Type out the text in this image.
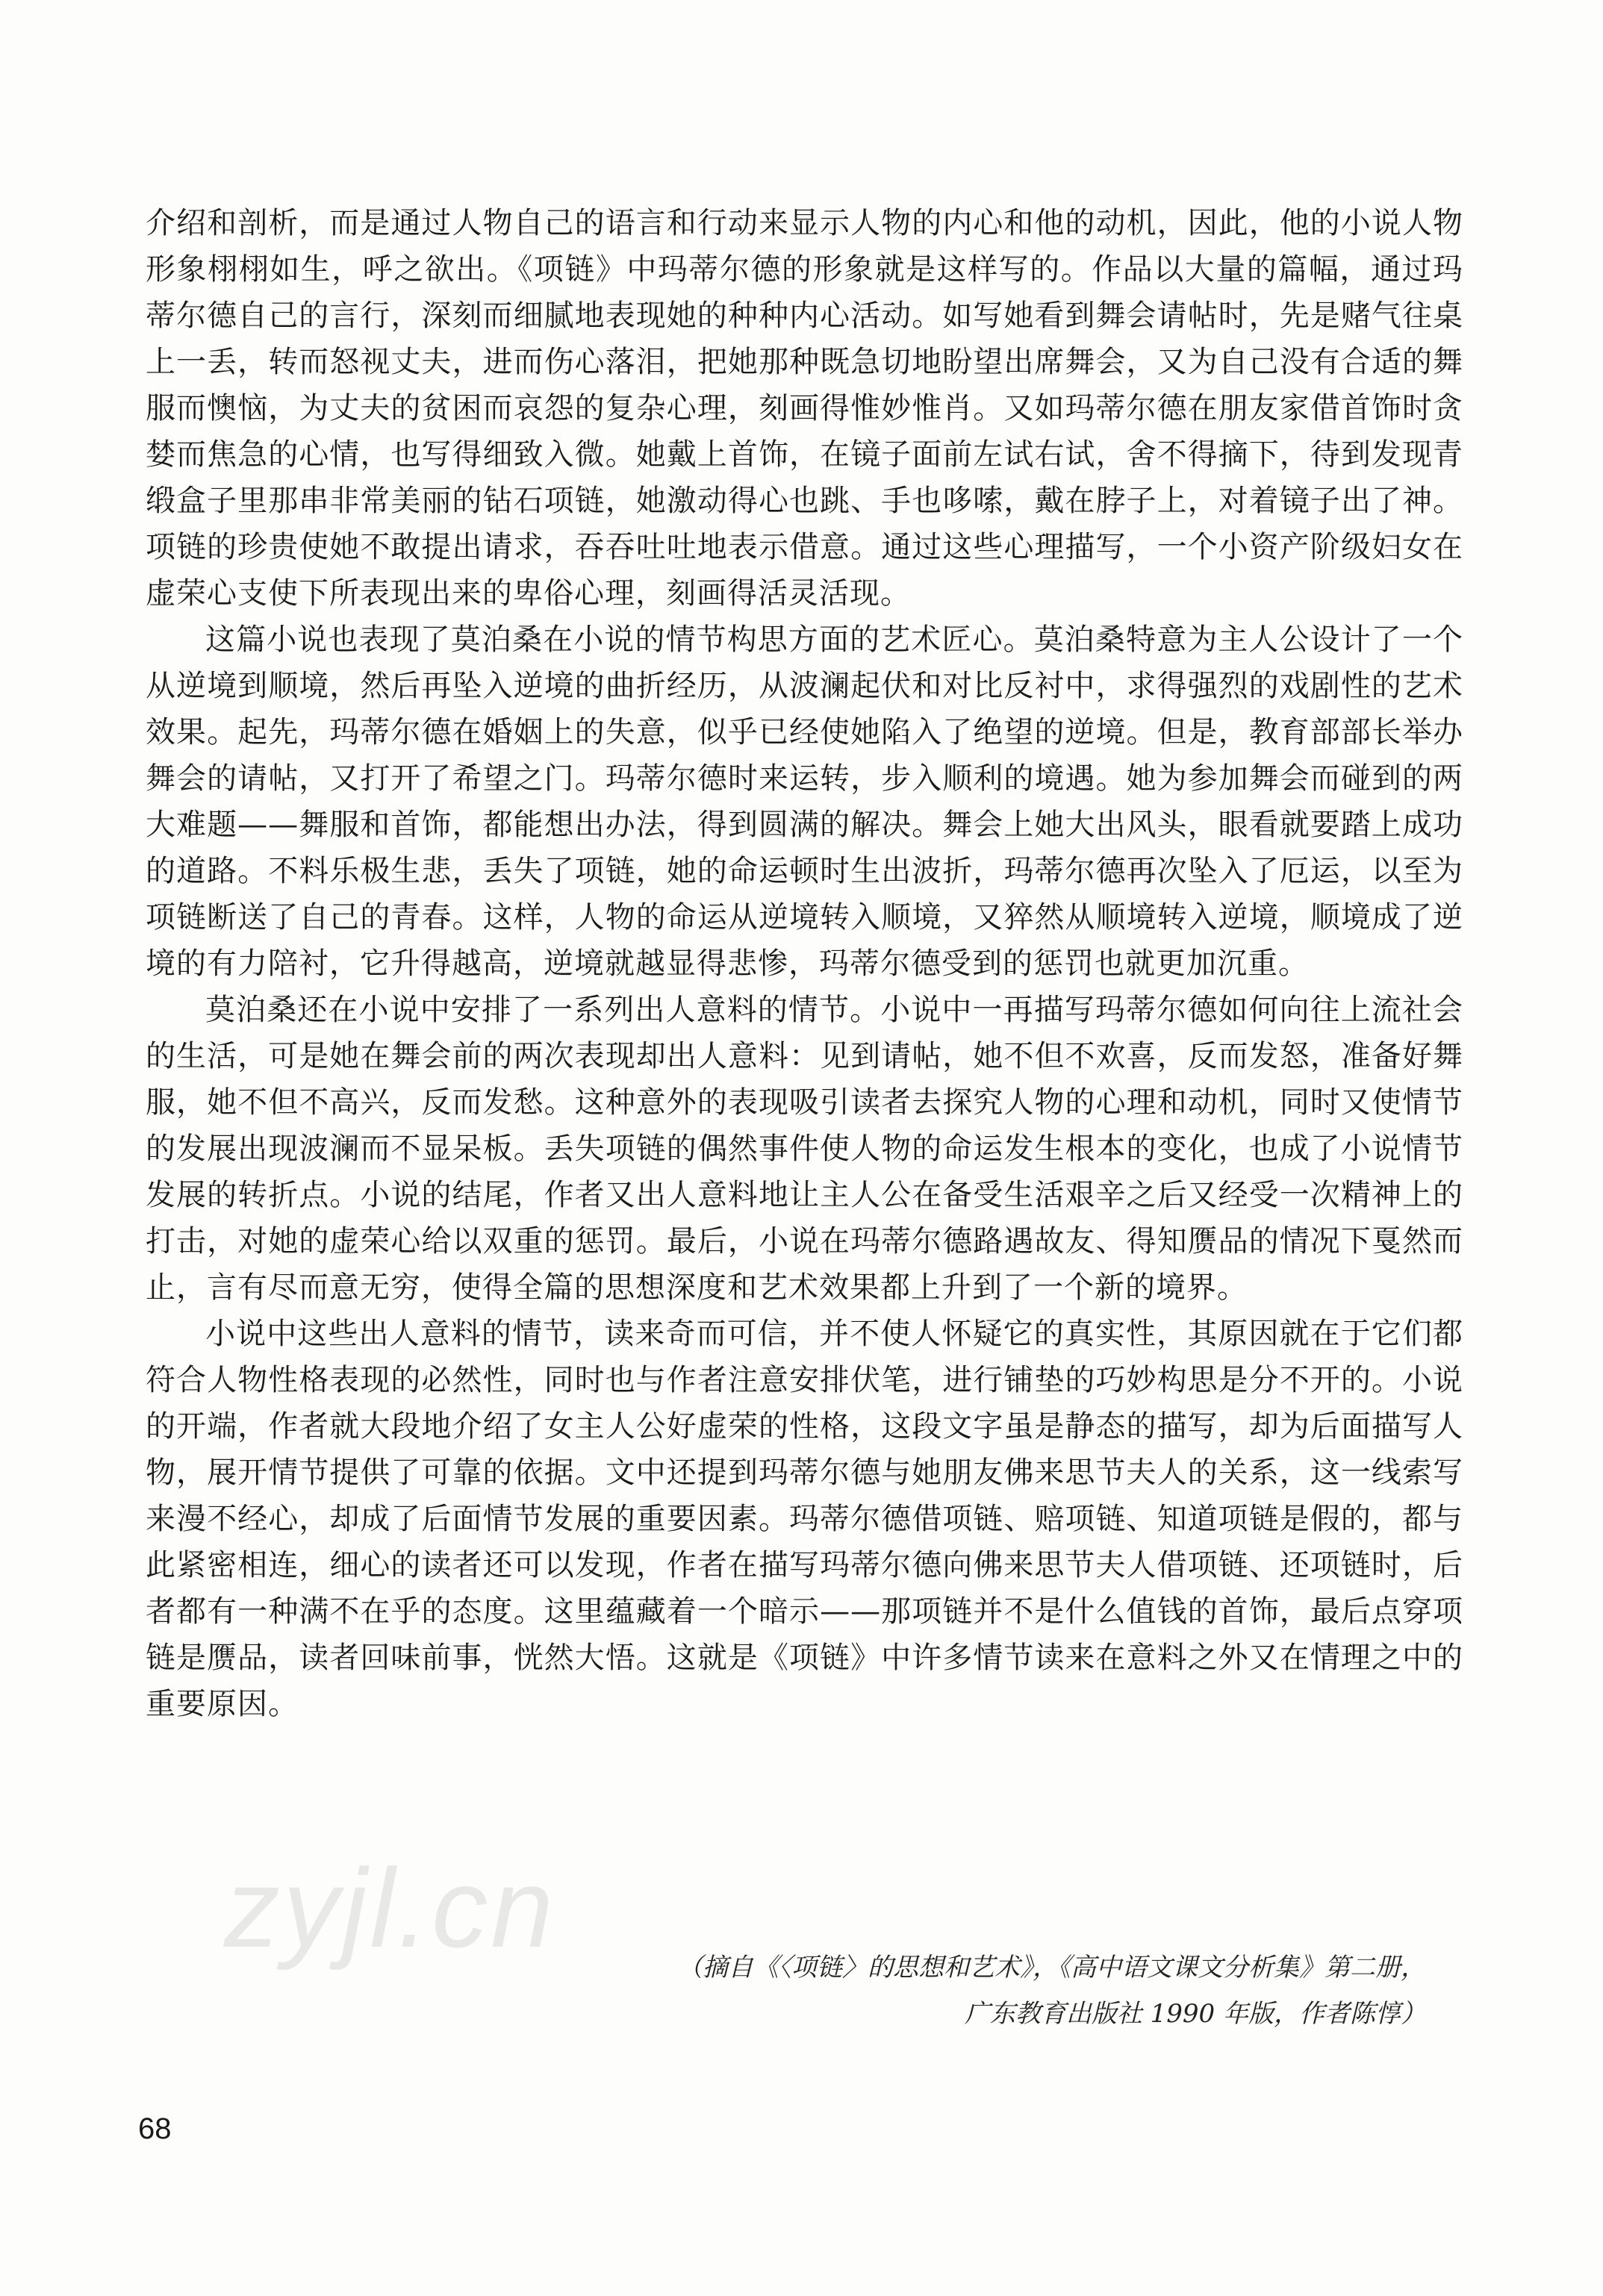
介绍和剖析，而是通过人物自己的语言和行动来显示人物的内心和他的动机，因此，他的小说人物形象栩栩如生，呼之欲出。《项链》中玛蒂尔德的形象就是这样写的。作品以大量的篇幅，通过玛蒂尔德自己的言行，深刻而细腻地表现她的种种内心活动。如写她看到舞会请帖时，先是赌气往桌上一丢，转而怒视丈夫，进而伤心落泪，把她那种既急切地盼望出席舞会，又为自己没有合适的舞服而懊恼，为丈夫的贫困而哀怨的复杂心理，刻画得惟妙惟肖。又如玛蒂尔德在朋友家借首饰时贪婪而焦急的心情，也写得细致入微。她戴上首饰，在镜子面前左试右试，舍不得摘下，待到发现青缎盒子里那串非常美丽的钻石项链，她激动得心也跳、手也哆嗦，戴在脖子上，对着镜子出了神。项链的珍贵使她不敢提出请求，吞吞吐吐地表示借意。通过这些心理描写，一个小资产阶级妇女在虚荣心支使下所表现出来的卑俗心理，刻画得活灵活现。

这篇小说也表现了莫泊桑在小说的情节构思方面的艺术匠心。莫泊桑特意为主人公设计了一个从逆境到顺境，然后再坠入逆境的曲折经历，从波澜起伏和对比反衬中，求得强烈的戏剧性的艺术效果。起先，玛蒂尔德在婚姻上的失意，似乎已经使她陷入了绝望的逆境。但是，教育部部长举办舞会的请帖，又打开了希望之门。玛蒂尔德时来运转，步入顺利的境遇。她为参加舞会而碰到的两大难题——舞服和首饰，都能想出办法，得到圆满的解决。舞会上她大出风头，眼看就要踏上成功的道路。不料乐极生悲，丢失了项链，她的命运顿时生出波折，玛蒂尔德再次坠入了厄运，以至为项链断送了自己的青春。这样，人物的命运从逆境转入顺境，又猝然从顺境转入逆境，顺境成了逆境的有力陪衬，它升得越高，逆境就越显得悲惨，玛蒂尔德受到的惩罚也就更加沉重。

莫泊桑还在小说中安排了一系列出人意料的情节。小说中一再描写玛蒂尔德如何向往上流社会的生活，可是她在舞会前的两次表现却出人意料：见到请帖，她不但不欢喜，反而发怒，准备好舞服，她不但不高兴，反而发愁。这种意外的表现吸引读者去探究人物的心理和动机，同时又使情节的发展出现波澜而不显呆板。丢失项链的偶然事件使人物的命运发生根本的变化，也成了小说情节发展的转折点。小说的结尾，作者又出人意料地让主人公在备受生活艰辛之后又经受一次精神上的打击，对她的虚荣心给以双重的惩罚。最后，小说在玛蒂尔德路遇故友、得知赝品的情况下戛然而止，言有尽而意无穷，使得全篇的思想深度和艺术效果都上升到了一个新的境界。

小说中这些出人意料的情节，读来奇而可信，并不使人怀疑它的真实性，其原因就在于它们都符合人物性格表现的必然性，同时也与作者注意安排伏笔，进行铺垫的巧妙构思是分不开的。小说的开端，作者就大段地介绍了女主人公好虚荣的性格，这段文字虽是静态的描写，却为后面描写人物，展开情节提供了可靠的依据。文中还提到玛蒂尔德与她朋友佛来思节夫人的关系，这一线索写来漫不经心，却成了后面情节发展的重要因素。玛蒂尔德借项链、赔项链、知道项链是假的，都与此紧密相连，细心的读者还可以发现，作者在描写玛蒂尔德向佛来思节夫人借项链、还项链时，后者都有一种满不在乎的态度。这里蕴藏着一个暗示——那项链并不是什么值钱的首饰，最后点穿项链是赝品，读者回味前事，恍然大悟。这就是《项链》中许多情节读来在意料之外又在情理之中的重要原因。

zyjl.cn	（摘自《〈项链〉的思想和艺术》，《高中语文课文分析集》第二册，
广东教育出版社 1990 年版，作者陈惇）
68
